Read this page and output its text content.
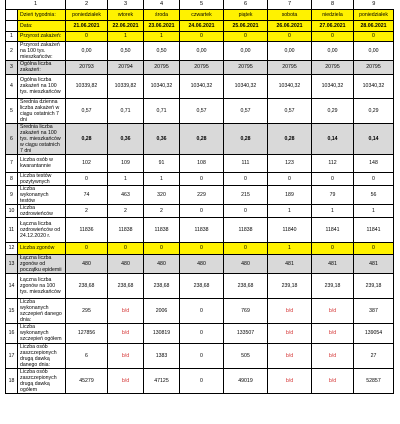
1		2	3	4	5	6	7	8	9
	Dzień tygodnia:	poniedziałek	wtorek	środa	czwartek	piątek	sobota	niedziela	poniedziałek
	Data:	21.06.2021	22.06.2021	23.06.2021	24.06.2021	25.06.2021	26.06.2021	27.06.2021	28.06.2021
1	Przyrost zakażeń:	0	1	1	0	0	0	0	0
2	Przyrost zakażeń na 100 tys. mieszkańców:	0,00	0,50	0,50	0,00	0,00	0,00	0,00	0,00
3	Ogólna liczba zakażeń:	20793	20794	20795	20795	20795	20795	20795	20795
4	Ogólna liczba zakażeń na 100 tys. mieszkańców	10339,82	10339,82	10340,32	10340,32	10340,32	10340,32	10340,32	10340,32
5	Średnia dzienna liczba zakażeń w ciągu ostatnich 7 dni	0,57	0,71	0,71	0,57	0,57	0,57	0,29	0,29
6	Średnia liczba zakażeń na 100 tys. mieszkańców w ciągu ostatnich 7 dni	0,28	0,36	0,36	0,28	0,28	0,28	0,14	0,14
7	Liczba osób w kwarantannie	102	109	91	108	111	123	112	148
8	Liczba testów pozytywnych	0	1	1	0	0	0	0	0
9	Liczba wykonanych testów	74	463	320	229	215	189	79	56
10	Liczba ozdrowieńców	2	2	2	0	0	1	1	1
11	Łączna liczba ozdrowieńców od 24.12.2020 r.	11836	11838	11838	11838	11838	11840	11841	11841
12	Liczba zgonów	0	0	0	0	0	1	0	0
13	Łączna liczba zgonów od początku epidemii	480	480	480	480	480	481	481	481
14	Łączna liczba zgonów na 100 tys. mieszkańców	238,68	238,68	238,68	238,68	238,68	239,18	239,18	239,18
15	Liczba wykonanych szczepień danego dnia:	295	b/d	2006	0	769	b/d	b/d	387
16	Liczba wykonanych szczepień ogółem	127856	b/d	130819	0	133507	b/d	b/d	139054
17	Liczba osób zaszczepionych drugą dawką danego dnia:	6	b/d	1383	0	505	b/d	b/d	27
18	Liczba osób zaszczepionych drugą dawką ogółem	45279	b/d	47125	0	49019	b/d	b/d	52857
